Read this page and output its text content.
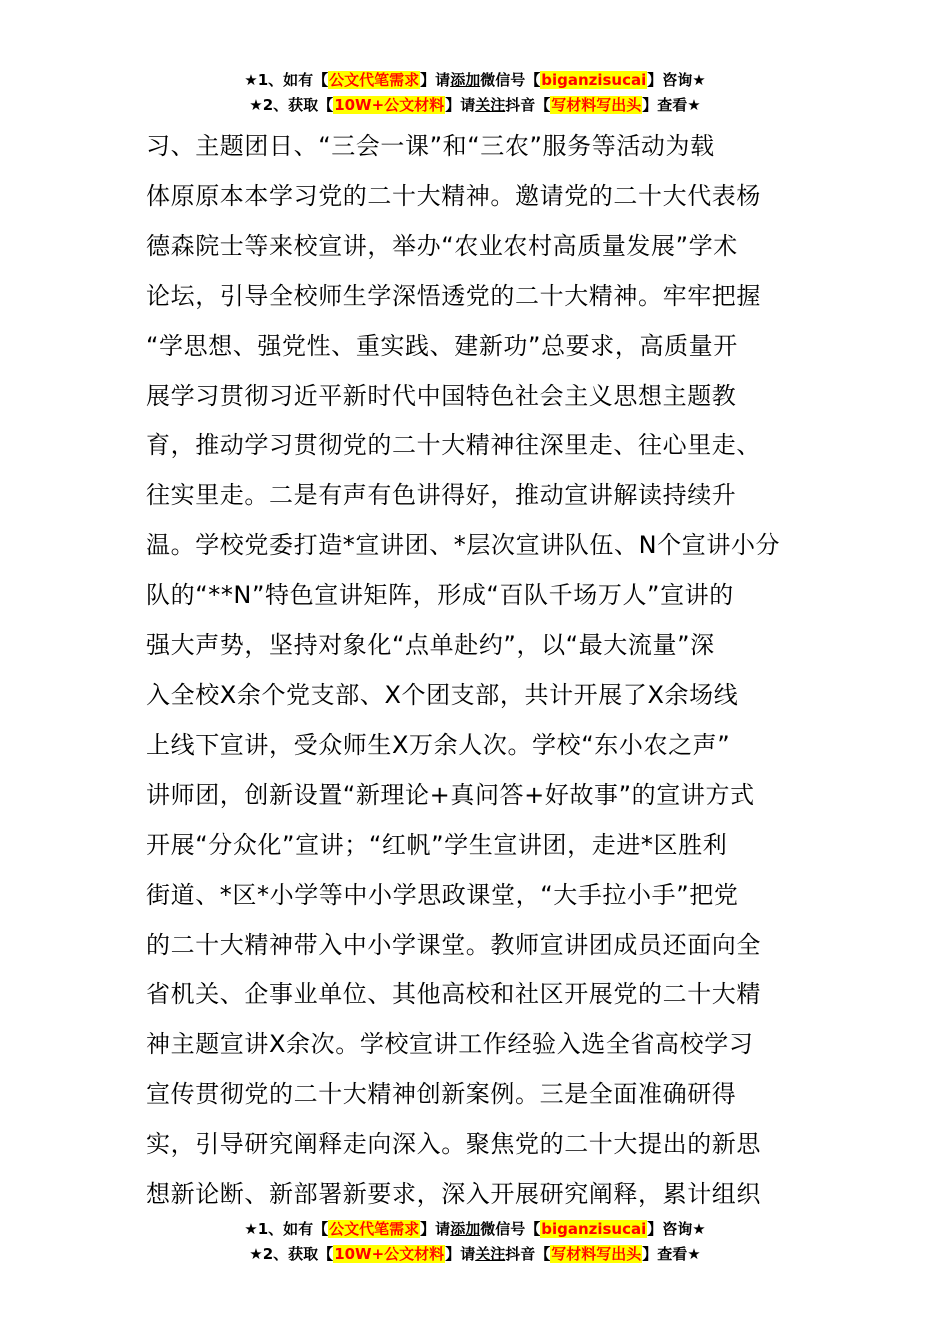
★1、如有【公文代笔需求】请添加微信号【biganzisucai】咨询★
★2、获取【10W+公文材料】请关注抖音【写材料写出头】查看★
习、主题团日、“三会一课”和“三农”服务等活动为载
体原原本本学习党的二十大精神。邀请党的二十大代表杨
德森院士等来校宣讲，举办“农业农村高质量发展”学术
论坛，引导全校师生学深悟透党的二十大精神。牢牢把握
“学思想、强党性、重实践、建新功”总要求，高质量开
展学习贯彻习近平新时代中国特色社会主义思想主题教
育，推动学习贯彻党的二十大精神往深里走、往心里走、
往实里走。二是有声有色讲得好，推动宣讲解读持续升
温。学校党委打造*宣讲团、*层次宣讲队伍、N个宣讲小分
队的“**N”特色宣讲矩阵，形成“百队千场万人”宣讲的
强大声势，坚持对象化“点单赴约”，以“最大流量”深
入全校X余个党支部、X个团支部，共计开展了X余场线
上线下宣讲，受众师生X万余人次。学校“东小农之声”
讲师团，创新设置“新理论+真问答+好故事”的宣讲方式
开展“分众化”宣讲；“红帆”学生宣讲团，走进*区胜利
街道、*区*小学等中小学思政课堂，“大手拉小手”把党
的二十大精神带入中小学课堂。教师宣讲团成员还面向全
省机关、企事业单位、其他高校和社区开展党的二十大精
神主题宣讲X余次。学校宣讲工作经验入选全省高校学习
宣传贯彻党的二十大精神创新案例。三是全面准确研得
实，引导研究阐释走向深入。聚焦党的二十大提出的新思
想新论断、新部署新要求，深入开展研究阐释，累计组织
★1、如有【公文代笔需求】请添加微信号【biganzisucai】咨询★
★2、获取【10W+公文材料】请关注抖音【写材料写出头】查看★
